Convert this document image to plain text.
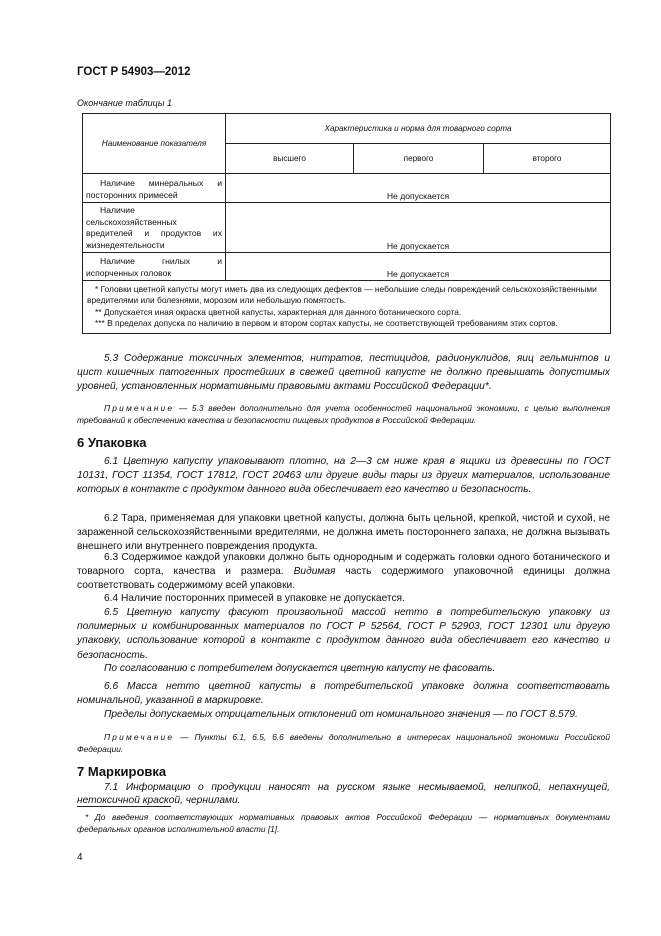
ГОСТ Р 54903—2012
Окончание таблицы 1
Наименование показателя	Характеристика и норма для товарного сорта		
	высшего	первого	второго

Наличие минеральных и посторонних примесей	Не допускается		

Наличие сельскохозяйственных вредителей и продуктов их жизнедеятельности	Не допускается		

Наличие гнилых и испорченных головок	Не допускается		

* Головки цветной капусты могут иметь два из следующих дефектов — небольшие следы повреждений сельскохозяйственными вредителями или болезнями, морозом или небольшую помятость.
** Допускается иная окраска цветной капусты, характерная для данного ботанического сорта.
*** В пределах допуска по наличию в первом и втором сортах капусты, не соответствующей требованиям этих сортов.			
5.3 Содержание токсичных элементов, нитратов, пестицидов, радионуклидов, яиц гельминтов и цист кишечных патогенных простейших в свежей цветной капусте не должно превышать допустимых уровней, установленных нормативными правовыми актами Российской Федерации*.
Примечание — 5.3 введен дополнительно для учета особенностей национальной экономики, с целью выполнения требований к обеспечению качества и безопасности пищевых продуктов в Российской Федерации.
6 Упаковка
6.1 Цветную капусту упаковывают плотно, на 2—3 см ниже края в ящики из древесины по ГОСТ 10131, ГОСТ 11354, ГОСТ 17812, ГОСТ 20463 или другие виды тары из других материалов, использование которых в контакте с продуктом данного вида обеспечивает его качество и безопасность.
6.2 Тара, применяемая для упаковки цветной капусты, должна быть цельной, крепкой, чистой и сухой, не зараженной сельскохозяйственными вредителями, не должна иметь постороннего запаха, не должна вызывать внешнего или внутреннего повреждения продукта.
6.3 Содержимое каждой упаковки должно быть однородным и содержать головки одного ботанического и товарного сорта, качества и размера. Видимая часть содержимого упаковочной единицы должна соответствовать содержимому всей упаковки.
6.4 Наличие посторонних примесей в упаковке не допускается.
6.5 Цветную капусту фасуют произвольной массой нетто в потребительскую упаковку из полимерных и комбинированных материалов по ГОСТ Р 52564, ГОСТ Р 52903, ГОСТ 12301 или другую упаковку, использование которой в контакте с продуктом данного вида обеспечивает его качество и безопасность.
По согласованию с потребителем допускается цветную капусту не фасовать.
6.6 Масса нетто цветной капусты в потребительской упаковке должна соответствовать номинальной, указанной в маркировке.
Пределы допускаемых отрицательных отклонений от номинального значения — по ГОСТ 8.579.
Примечание — Пункты 6.1, 6.5, 6.6 введены дополнительно в интересах национальной экономики Российской Федерации.
7 Маркировка
7.1 Информацию о продукции наносят на русском языке несмываемой, нелипкой, непахнущей, нетоксичной краской, чернилами.
* До введения соответствующих нормативных правовых актов Российской Федерации — нормативных документами федеральных органов исполнительной власти [1].
4
